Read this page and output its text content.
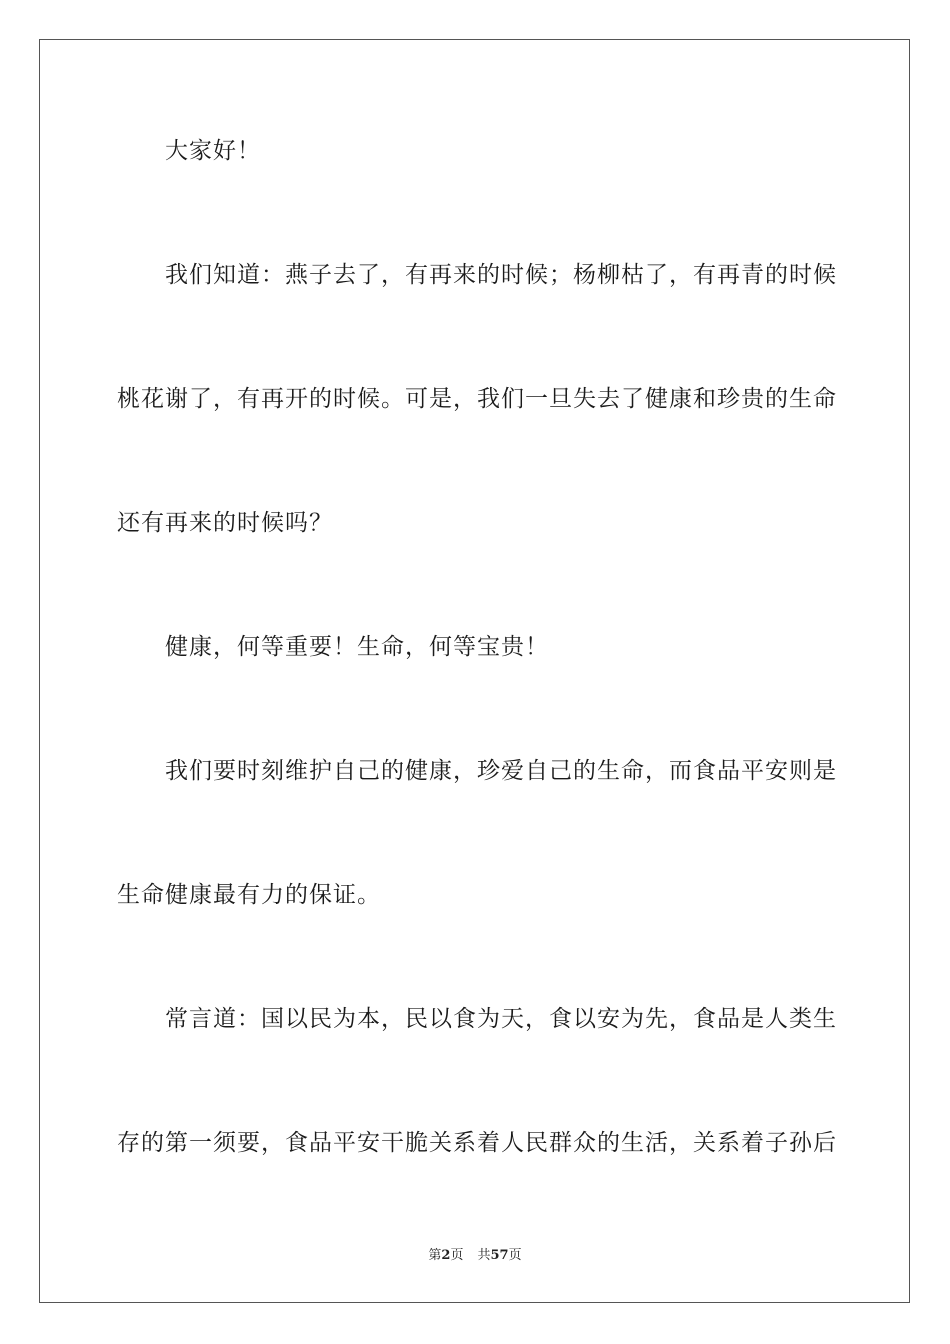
大家好！
我们知道：燕子去了，有再来的时候；杨柳枯了，有再青的时候
桃花谢了，有再开的时候。可是，我们一旦失去了健康和珍贵的生命
还有再来的时候吗？
健康，何等重要！生命，何等宝贵！
我们要时刻维护自己的健康，珍爱自己的生命，而食品平安则是
生命健康最有力的保证。
常言道：国以民为本，民以食为天，食以安为先，食品是人类生
存的第一须要，食品平安干脆关系着人民群众的生活，关系着子孙后
第2页 共57页
